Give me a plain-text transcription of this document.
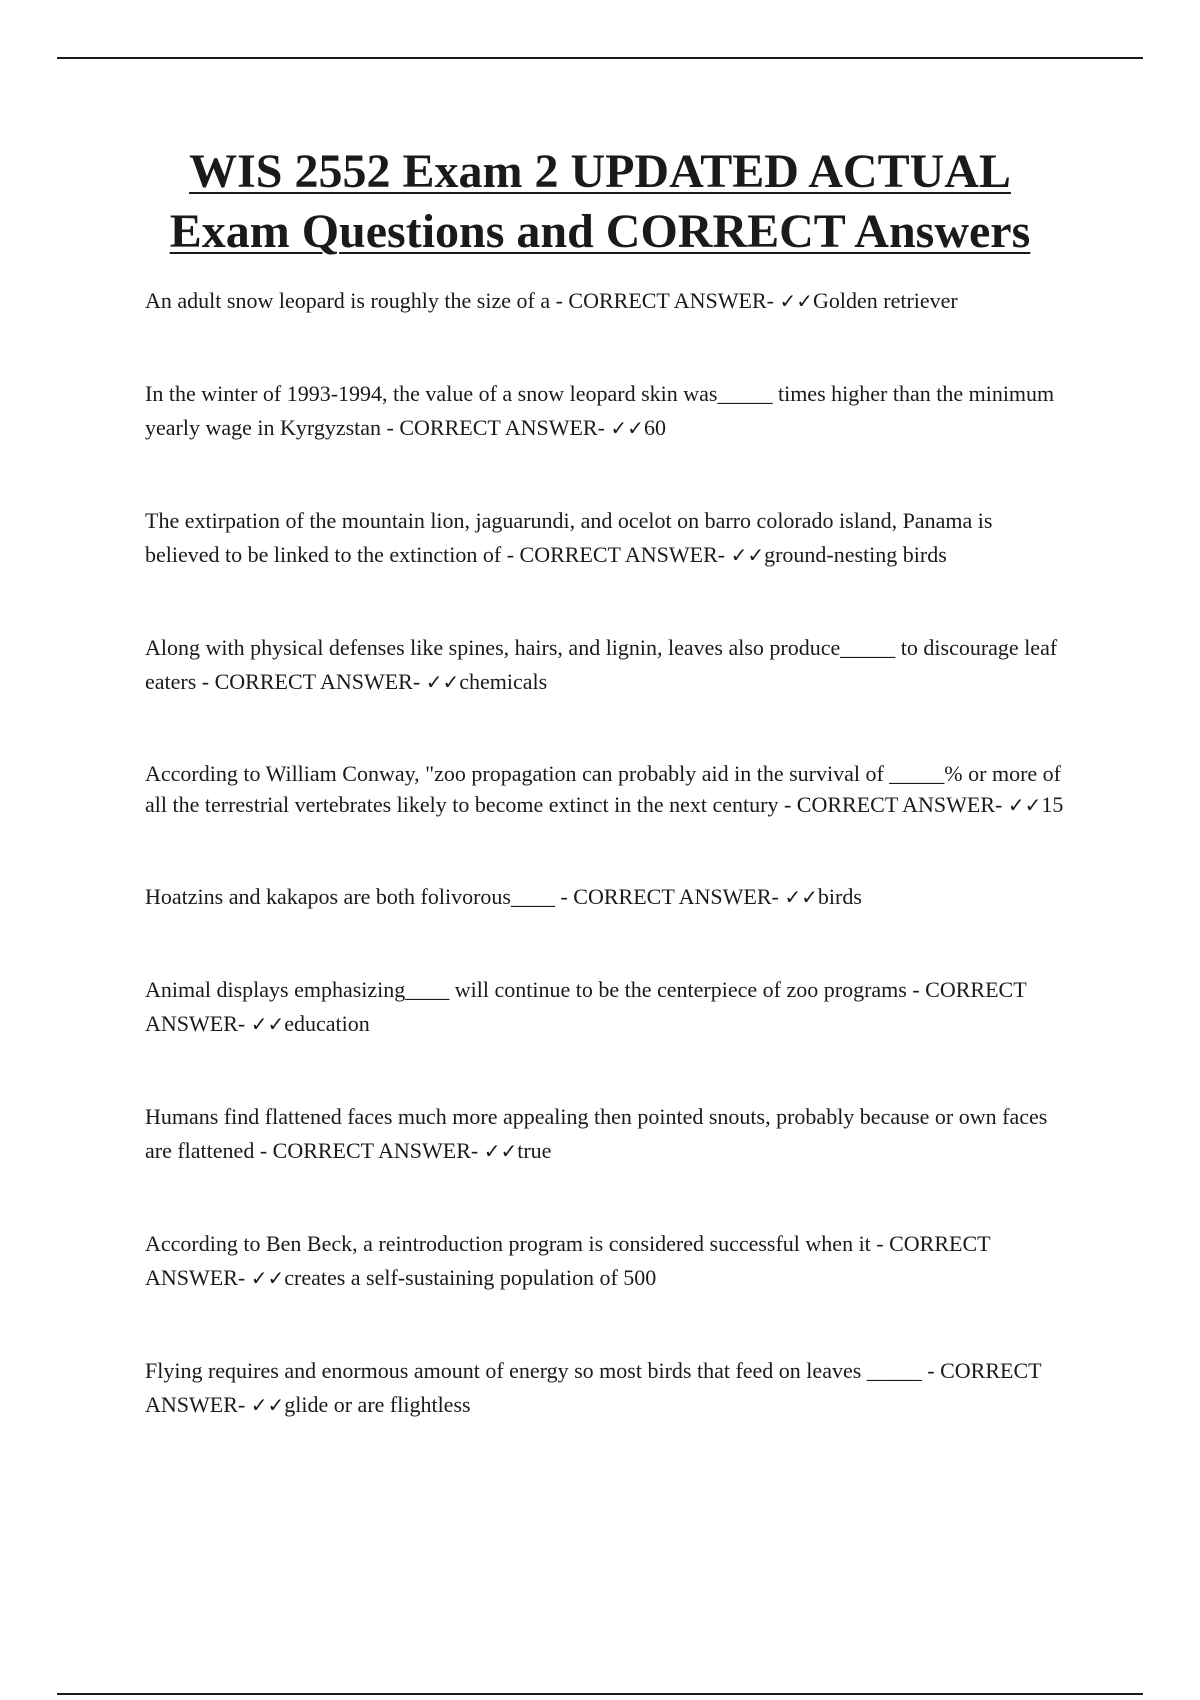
WIS 2552 Exam 2 UPDATED ACTUAL
Exam Questions and CORRECT Answers

An adult snow leopard is roughly the size of a - CORRECT ANSWER- ✓✓Golden retriever

In the winter of 1993-1994, the value of a snow leopard skin was_____ times higher than the minimum yearly wage in Kyrgyzstan - CORRECT ANSWER- ✓✓60

The extirpation of the mountain lion, jaguarundi, and ocelot on barro colorado island, Panama is believed to be linked to the extinction of - CORRECT ANSWER- ✓✓ground-nesting birds

Along with physical defenses like spines, hairs, and lignin, leaves also produce_____ to discourage leaf eaters - CORRECT ANSWER- ✓✓chemicals

According to William Conway, "zoo propagation can probably aid in the survival of _____% or more of all the terrestrial vertebrates likely to become extinct in the next century - CORRECT ANSWER- ✓✓15

Hoatzins and kakapos are both folivorous____ - CORRECT ANSWER- ✓✓birds

Animal displays emphasizing____ will continue to be the centerpiece of zoo programs - CORRECT ANSWER- ✓✓education

Humans find flattened faces much more appealing then pointed snouts, probably because or own faces are flattened - CORRECT ANSWER- ✓✓true

According to Ben Beck, a reintroduction program is considered successful when it - CORRECT ANSWER- ✓✓creates a self-sustaining population of 500

Flying requires and enormous amount of energy so most birds that feed on leaves _____ - CORRECT ANSWER- ✓✓glide or are flightless
